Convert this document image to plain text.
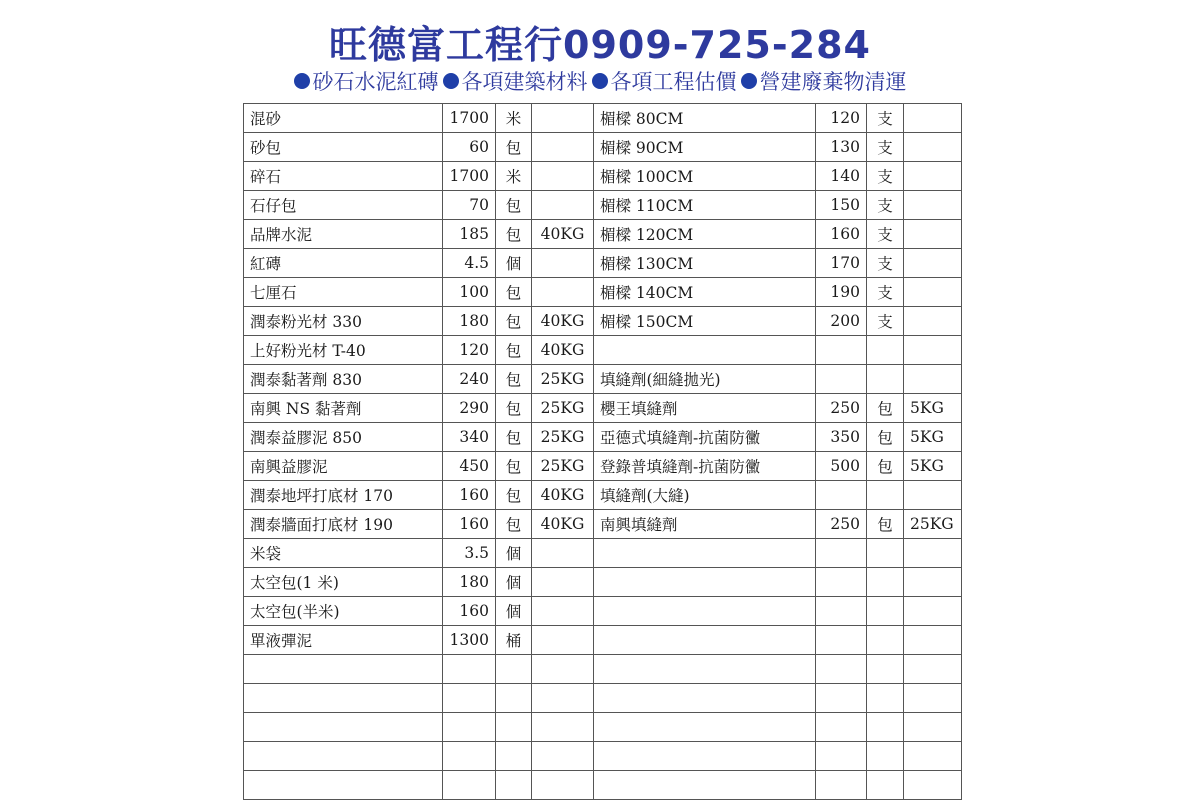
旺德富工程行0909-725-284
砂石水泥紅磚 各項建築材料 各項工程估價 營建廢棄物清運
混砂	1700	米		楣樑 80CM	120	支	
砂包	60	包		楣樑 90CM	130	支	
碎石	1700	米		楣樑 100CM	140	支	
石仔包	70	包		楣樑 110CM	150	支	
品牌水泥	185	包	40KG	楣樑 120CM	160	支	
紅磚	4.5	個		楣樑 130CM	170	支	
七厘石	100	包		楣樑 140CM	190	支	
潤泰粉光材 330	180	包	40KG	楣樑 150CM	200	支	
上好粉光材 T-40	120	包	40KG				
潤泰黏著劑 830	240	包	25KG	填縫劑(細縫拋光)			
南興 NS 黏著劑	290	包	25KG	櫻王填縫劑	250	包	5KG
潤泰益膠泥 850	340	包	25KG	亞德式填縫劑-抗菌防黴	350	包	5KG
南興益膠泥	450	包	25KG	登錄普填縫劑-抗菌防黴	500	包	5KG
潤泰地坪打底材 170	160	包	40KG	填縫劑(大縫)			
潤泰牆面打底材 190	160	包	40KG	南興填縫劑	250	包	25KG
米袋	3.5	個					
太空包(1 米)	180	個					
太空包(半米)	160	個					
單液彈泥	1300	桶					
